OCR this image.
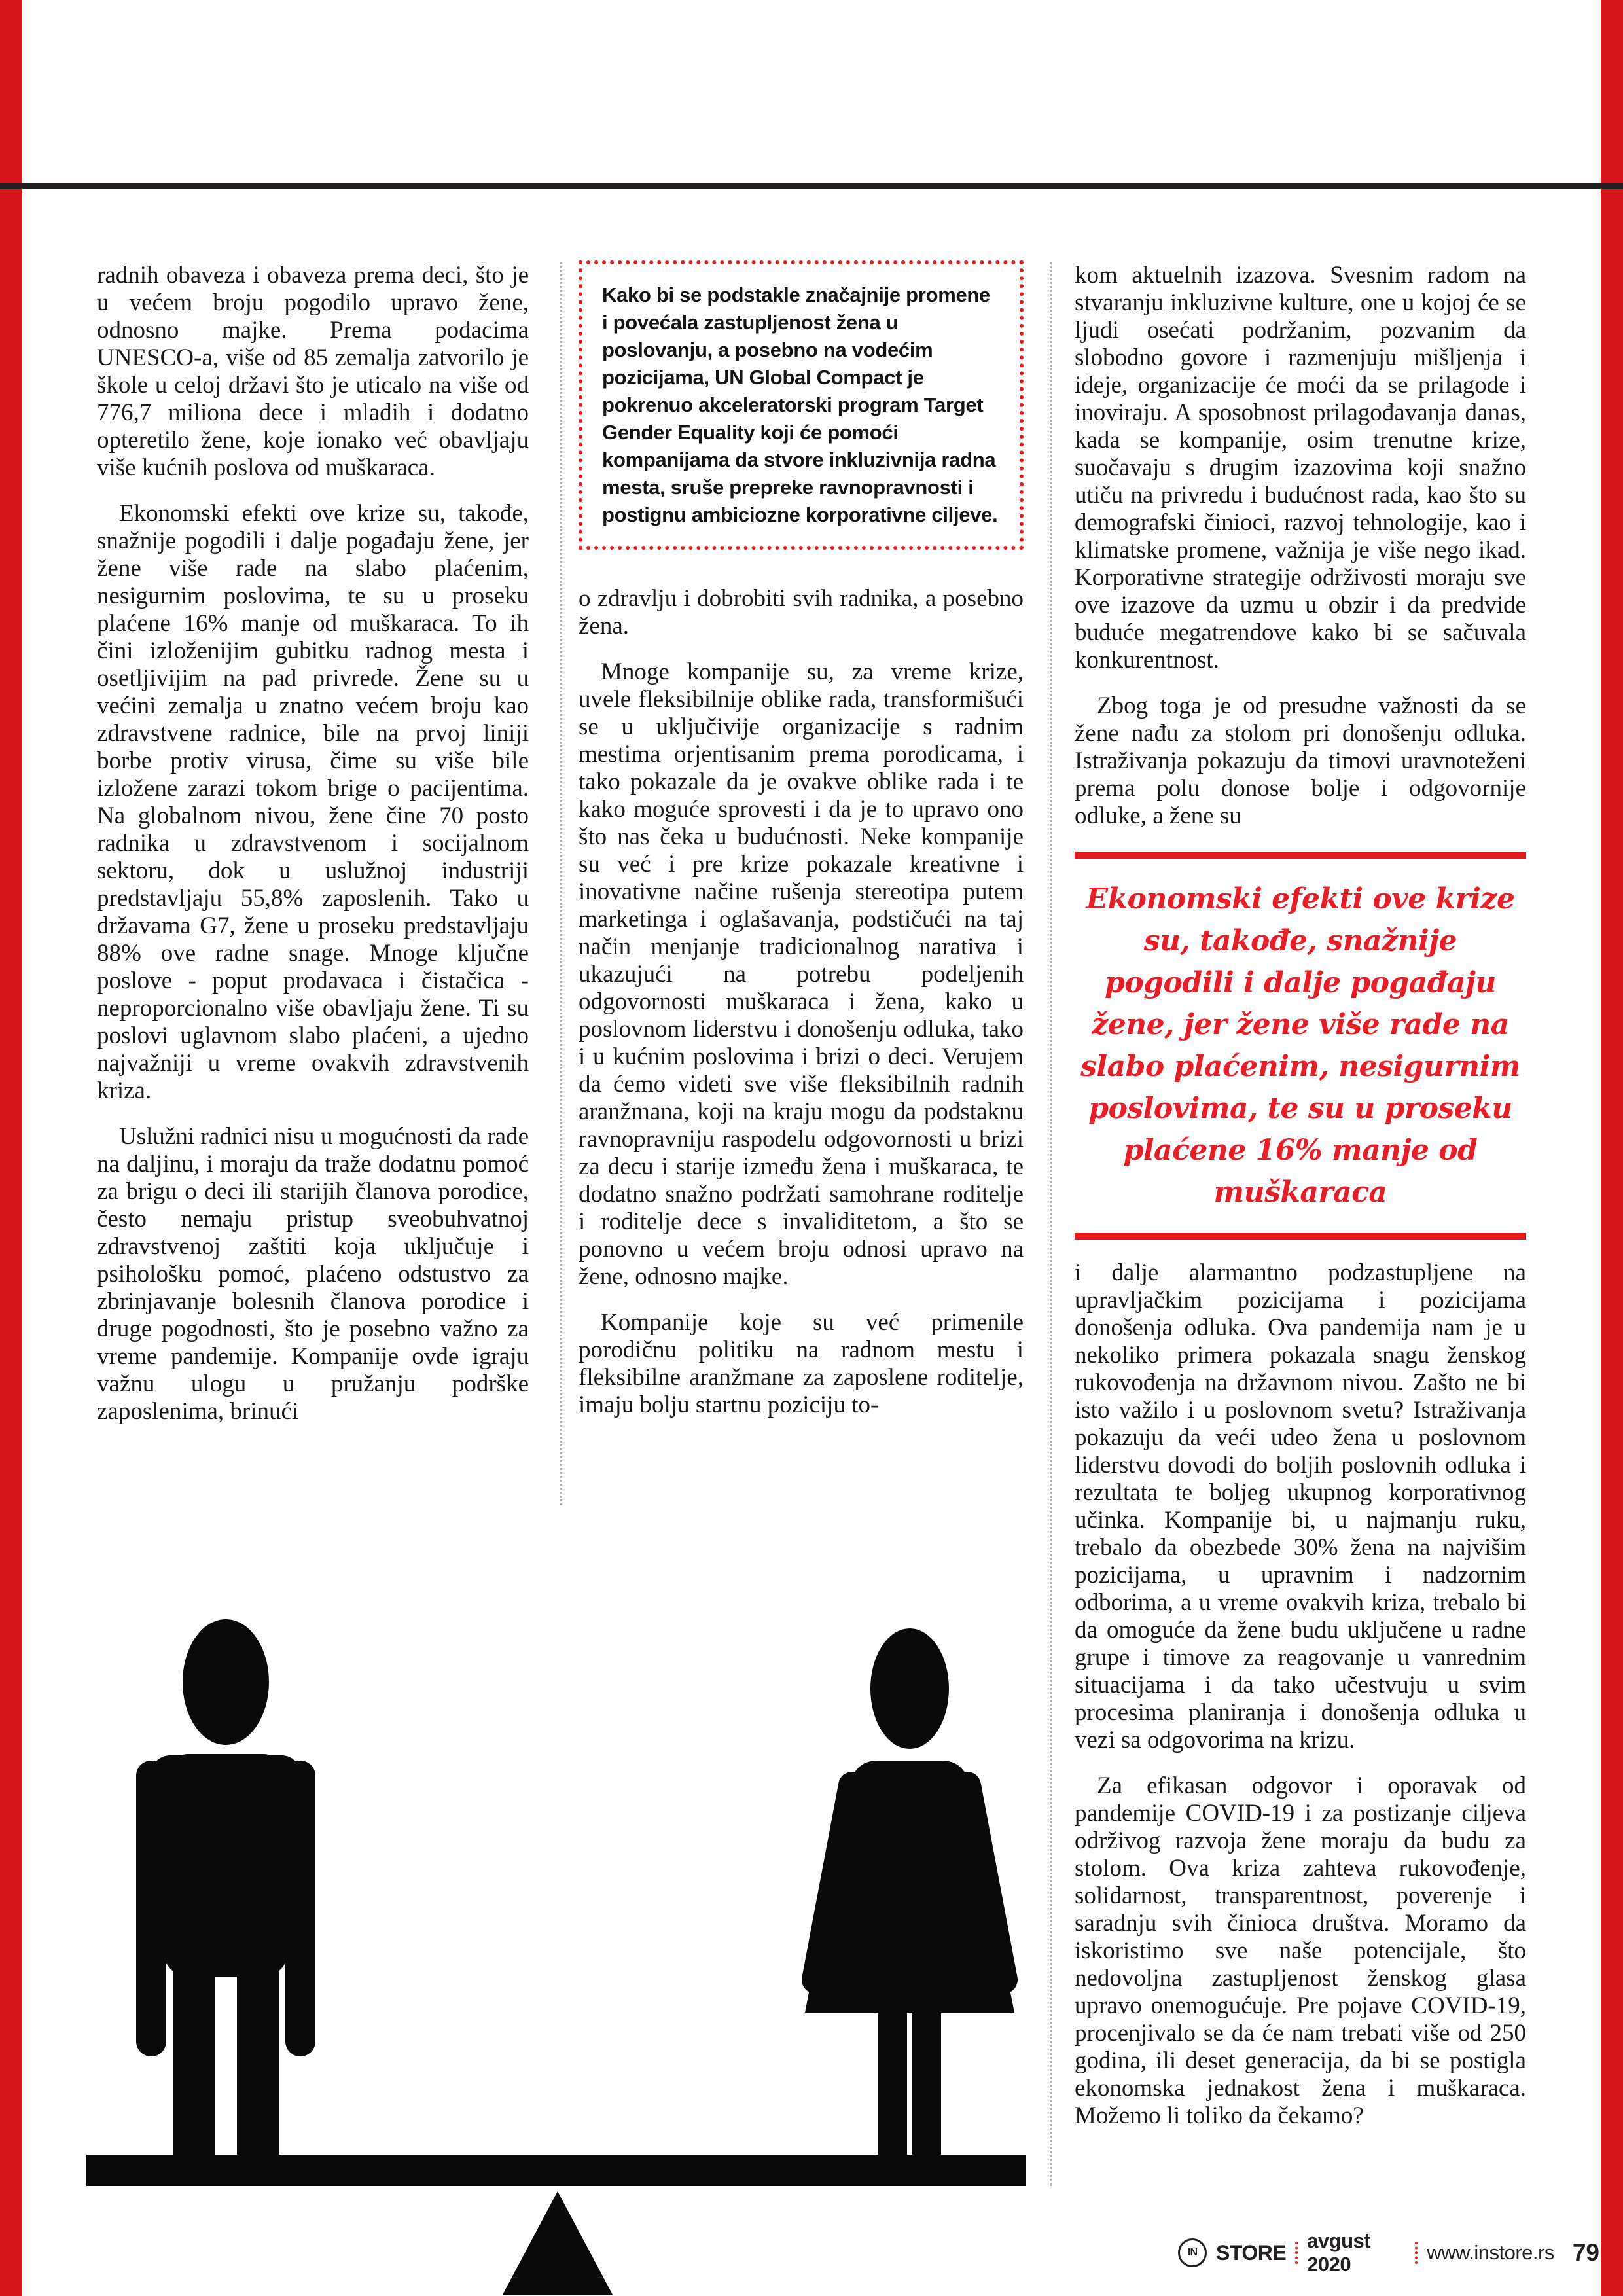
radnih obaveza i obaveza prema deci, što je u većem broju pogodilo upravo žene, odnosno majke. Prema podacima UNESCO-a, više od 85 zemalja zatvorilo je škole u celoj državi što je uticalo na više od 776,7 miliona dece i mladih i dodatno opteretilo žene, koje ionako već obavljaju više kućnih poslova od muškaraca.

Ekonomski efekti ove krize su, takođe, snažnije pogodili i dalje pogađaju žene, jer žene više rade na slabo plaćenim, nesigurnim poslovima, te su u proseku plaćene 16% manje od muškaraca. To ih čini izloženijim gubitku radnog mesta i osetljivijim na pad privrede. Žene su u većini zemalja u znatno većem broju kao zdravstvene radnice, bile na prvoj liniji borbe protiv virusa, čime su više bile izložene zarazi tokom brige o pacijentima. Na globalnom nivou, žene čine 70 posto radnika u zdravstvenom i socijalnom sektoru, dok u uslužnoj industriji predstavljaju 55,8% zaposlenih. Tako u državama G7, žene u proseku predstavljaju 88% ove radne snage. Mnoge ključne poslove - poput prodavaca i čistačica - neproporcionalno više obavljaju žene. Ti su poslovi uglavnom slabo plaćeni, a ujedno najvažniji u vreme ovakvih zdravstvenih kriza.

Uslužni radnici nisu u mogućnosti da rade na daljinu, i moraju da traže dodatnu pomoć za brigu o deci ili starijih članova porodice, često nemaju pristup sveobuhvatnoj zdravstvenoj zaštiti koja uključuje i psihološku pomoć, plaćeno odstustvo za zbrinjavanje bolesnih članova porodice i druge pogodnosti, što je posebno važno za vreme pandemije. Kompanije ovde igraju važnu ulogu u pružanju podrške zaposlenima, brinući

Kako bi se podstakle značajnije promene i povećala zastupljenost žena u poslovanju, a posebno na vodećim pozicijama, UN Global Compact je pokrenuo akceleratorski program Target Gender Equality koji će pomoći kompanijama da stvore inkluzivnija radna mesta, sruše prepreke ravnopravnosti i postignu ambiciozne korporativne ciljeve.

o zdravlju i dobrobiti svih radnika, a posebno žena.

Mnoge kompanije su, za vreme krize, uvele fleksibilnije oblike rada, transformišući se u uključivije organizacije s radnim mestima orjentisanim prema porodicama, i tako pokazale da je ovakve oblike rada i te kako moguće sprovesti i da je to upravo ono što nas čeka u budućnosti. Neke kompanije su već i pre krize pokazale kreativne i inovativne načine rušenja stereotipa putem marketinga i oglašavanja, podstičući na taj način menjanje tradicionalnog narativa i ukazujući na potrebu podeljenih odgovornosti muškaraca i žena, kako u poslovnom liderstvu i donošenju odluka, tako i u kućnim poslovima i brizi o deci. Verujem da ćemo videti sve više fleksibilnih radnih aranžmana, koji na kraju mogu da podstaknu ravnopravniju raspodelu odgovornosti u brizi za decu i starije između žena i muškaraca, te dodatno snažno podržati samohrane roditelje i roditelje dece s invaliditetom, a što se ponovno u većem broju odnosi upravo na žene, odnosno majke.

Kompanije koje su već primenile porodičnu politiku na radnom mestu i fleksibilne aranžmane za zaposlene roditelje, imaju bolju startnu poziciju to-

kom aktuelnih izazova. Svesnim radom na stvaranju inkluzivne kulture, one u kojoj će se ljudi osećati podržanim, pozvanim da slobodno govore i razmenjuju mišljenja i ideje, organizacije će moći da se prilagode i inoviraju. A sposobnost prilagođavanja danas, kada se kompanije, osim trenutne krize, suočavaju s drugim izazovima koji snažno utiču na privredu i budućnost rada, kao što su demografski činioci, razvoj tehnologije, kao i klimatske promene, važnija je više nego ikad. Korporativne strategije održivosti moraju sve ove izazove da uzmu u obzir i da predvide buduće megatrendove kako bi se sačuvala konkurentnost.

Zbog toga je od presudne važnosti da se žene nađu za stolom pri donošenju odluka. Istraživanja pokazuju da timovi uravnoteženi prema polu donose bolje i odgovornije odluke, a žene su

Ekonomski efekti ove krize su, takođe, snažnije pogodili i dalje pogađaju žene, jer žene više rade na slabo plaćenim, nesigurnim poslovima, te su u proseku plaćene 16% manje od muškaraca

i dalje alarmantno podzastupljene na upravljačkim pozicijama i pozicijama donošenja odluka. Ova pandemija nam je u nekoliko primera pokazala snagu ženskog rukovođenja na državnom nivou. Zašto ne bi isto važilo i u poslovnom svetu? Istraživanja pokazuju da veći udeo žena u poslovnom liderstvu dovodi do boljih poslovnih odluka i rezultata te boljeg ukupnog korporativnog učinka. Kompanije bi, u najmanju ruku, trebalo da obezbede 30% žena na najvišim pozicijama, u upravnim i nadzornim odborima, a u vreme ovakvih kriza, trebalo bi da omoguće da žene budu uključene u radne grupe i timove za reagovanje u vanrednim situacijama i da tako učestvuju u svim procesima planiranja i donošenja odluka u vezi sa odgovorima na krizu.

Za efikasan odgovor i oporavak od pandemije COVID-19 i za postizanje ciljeva održivog razvoja žene moraju da budu za stolom. Ova kriza zahteva rukovođenje, solidarnost, transparentnost, poverenje i saradnju svih činioca društva. Moramo da iskoristimo sve naše potencijale, što nedovoljna zastupljenost ženskog glasa upravo onemogućuje. Pre pojave COVID-19, procenjivalo se da će nam trebati više od 250 godina, ili deset generacija, da bi se postigla ekonomska jednakost žena i muškaraca. Možemo li toliko da čekamo?

IN STORE avgust 2020
www.instore.rs 79
